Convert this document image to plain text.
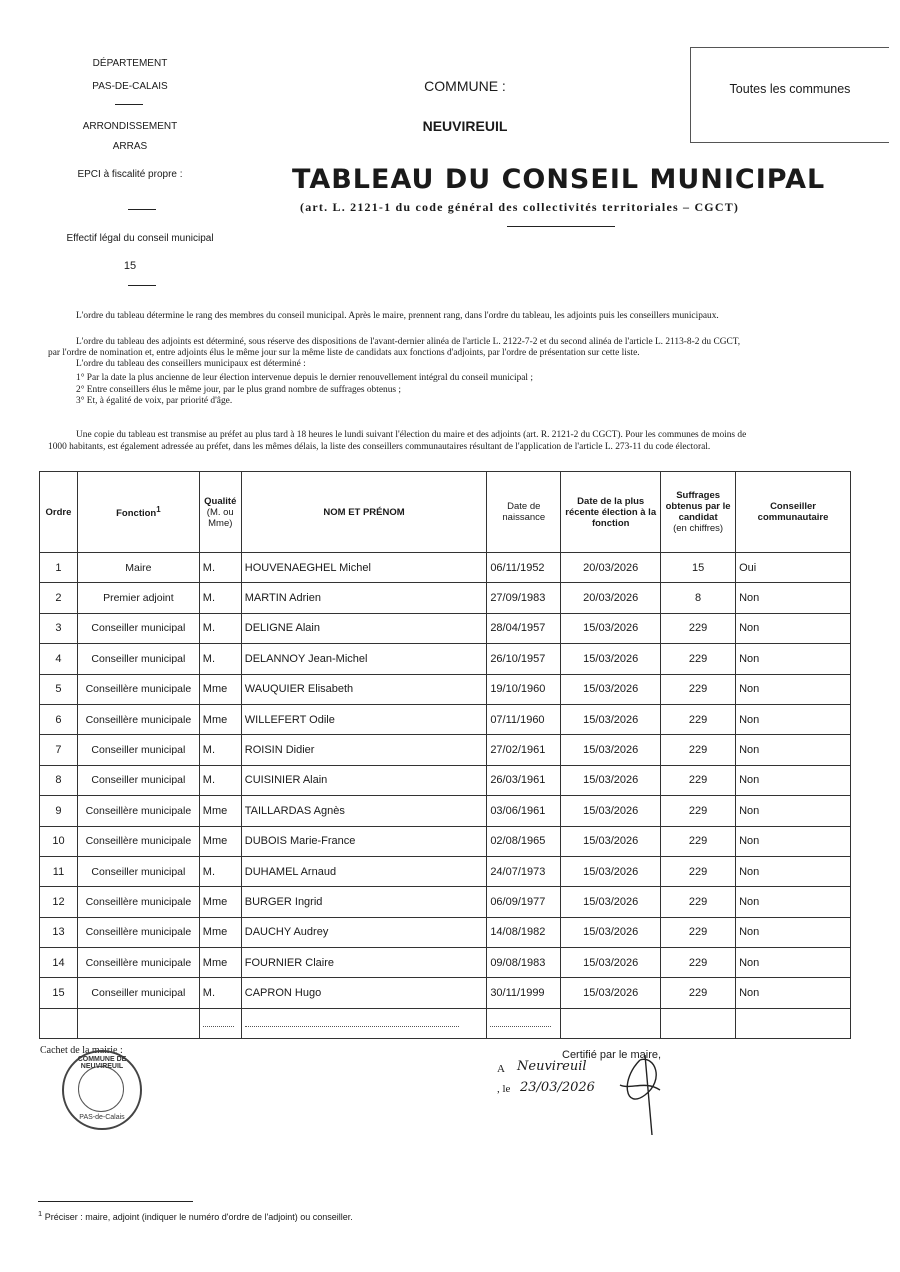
DÉPARTEMENT
PAS-DE-CALAIS
ARRONDISSEMENT
ARRAS
EPCI à fiscalité propre :
Effectif légal du conseil municipal
15
COMMUNE :
NEUVIREUIL
Toutes les communes
TABLEAU DU CONSEIL MUNICIPAL
(art. L. 2121-1 du code général des collectivités territoriales – CGCT)
L'ordre du tableau détermine le rang des membres du conseil municipal. Après le maire, prennent rang, dans l'ordre du tableau, les adjoints puis les conseillers municipaux.
L'ordre du tableau des adjoints est déterminé, sous réserve des dispositions de l'avant-dernier alinéa de l'article L. 2122-7-2 et du second alinéa de l'article L. 2113-8-2 du CGCT,
par l'ordre de nomination et, entre adjoints élus le même jour sur la même liste de candidats aux fonctions d'adjoints, par l'ordre de présentation sur cette liste.
L'ordre du tableau des conseillers municipaux est déterminé :
1° Par la date la plus ancienne de leur élection intervenue depuis le dernier renouvellement intégral du conseil municipal ;
2° Entre conseillers élus le même jour, par le plus grand nombre de suffrages obtenus ;
3° Et, à égalité de voix, par priorité d'âge.
Une copie du tableau est transmise au préfet au plus tard à 18 heures le lundi suivant l'élection du maire et des adjoints (art. R. 2121-2 du CGCT). Pour les communes de moins de
1000 habitants, est également adressée au préfet, dans les mêmes délais, la liste des conseillers communautaires résultant de l'application de l'article L. 273-11 du code électoral.
Ordre	Fonction$^1$	Qualité
(M. ou
Mme)	NOM ET PRÉNOM	Date de naissance	Date de la plus récente élection à la fonction	Suffrages obtenus par le candidat
(en chiffres)	Conseiller communautaire
1	Maire	M.	HOUVENAEGHEL Michel	06/11/1952	20/03/2026	15	Oui
2	Premier adjoint	M.	MARTIN Adrien	27/09/1983	20/03/2026	8	Non
3	Conseiller municipal	M.	DELIGNE Alain	28/04/1957	15/03/2026	229	Non
4	Conseiller municipal	M.	DELANNOY Jean-Michel	26/10/1957	15/03/2026	229	Non
5	Conseillère municipale	Mme	WAUQUIER Elisabeth	19/10/1960	15/03/2026	229	Non
6	Conseillère municipale	Mme	WILLEFERT Odile	07/11/1960	15/03/2026	229	Non
7	Conseiller municipal	M.	ROISIN Didier	27/02/1961	15/03/2026	229	Non
8	Conseiller municipal	M.	CUISINIER Alain	26/03/1961	15/03/2026	229	Non
9	Conseillère municipale	Mme	TAILLARDAS Agnès	03/06/1961	15/03/2026	229	Non
10	Conseillère municipale	Mme	DUBOIS Marie-France	02/08/1965	15/03/2026	229	Non
11	Conseiller municipal	M.	DUHAMEL Arnaud	24/07/1973	15/03/2026	229	Non
12	Conseillère municipale	Mme	BURGER Ingrid	06/09/1977	15/03/2026	229	Non
13	Conseillère municipale	Mme	DAUCHY Audrey	14/08/1982	15/03/2026	229	Non
14	Conseillère municipale	Mme	FOURNIER Claire	09/08/1983	15/03/2026	229	Non
15	Conseiller municipal	M.	CAPRON Hugo	30/11/1999	15/03/2026	229	Non

Cachet de la mairie :
COMMUNE DE NEUVIREUIL
PAS-de-Calais
Certifié par le maire,
A Neuvireuil
, le 23/03/2026
$^1$ Préciser : maire, adjoint (indiquer le numéro d'ordre de l'adjoint) ou conseiller.
